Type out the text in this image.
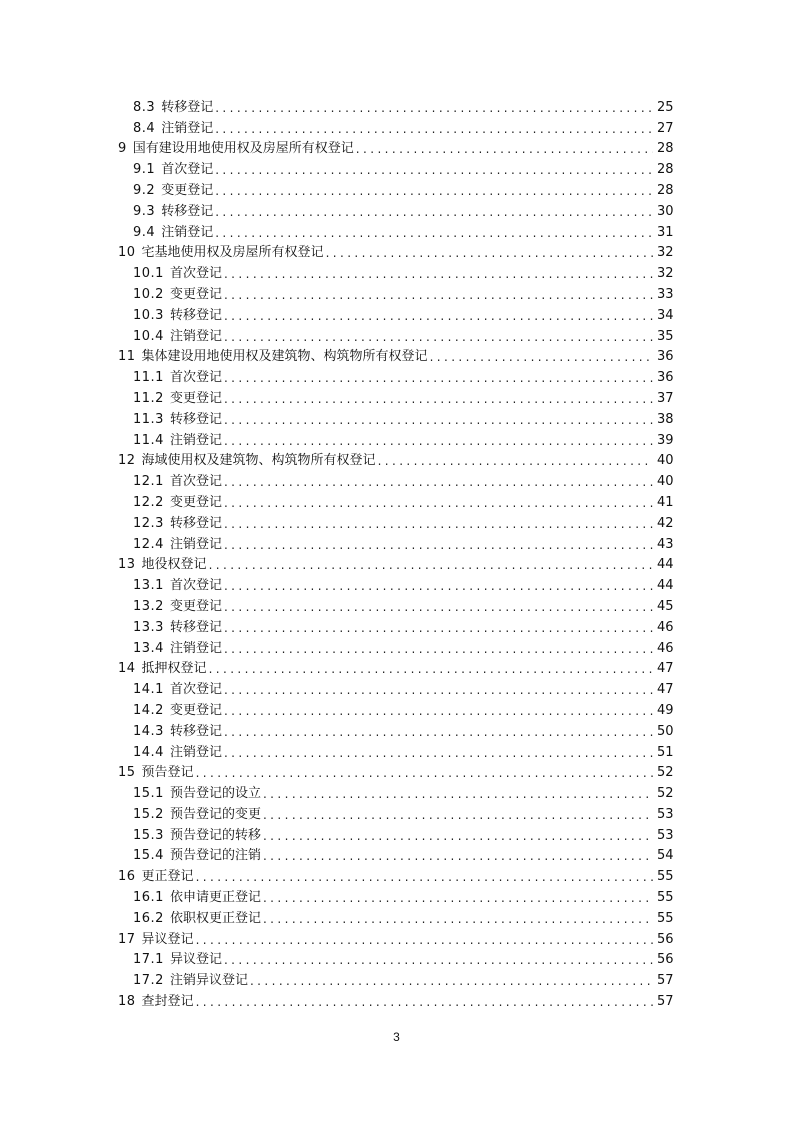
8.3 转移登记 .....	25
8.4 注销登记 .....	27
9 国有建设用地使用权及房屋所有权登记 .....	28
9.1 首次登记 .....	28
9.2 变更登记 .....	28
9.3 转移登记 .....	30
9.4 注销登记 .....	31
10 宅基地使用权及房屋所有权登记 .....	32
10.1 首次登记 .....	32
10.2 变更登记 .....	33
10.3 转移登记 .....	34
10.4 注销登记 .....	35
11 集体建设用地使用权及建筑物、构筑物所有权登记 .....	36
11.1 首次登记 .....	36
11.2 变更登记 .....	37
11.3 转移登记 .....	38
11.4 注销登记 .....	39
12 海域使用权及建筑物、构筑物所有权登记 .....	40
12.1 首次登记 .....	40
12.2 变更登记 .....	41
12.3 转移登记 .....	42
12.4 注销登记 .....	43
13 地役权登记 .....	44
13.1 首次登记 .....	44
13.2 变更登记 .....	45
13.3 转移登记 .....	46
13.4 注销登记 .....	46
14 抵押权登记 .....	47
14.1 首次登记 .....	47
14.2 变更登记 .....	49
14.3 转移登记 .....	50
14.4 注销登记 .....	51
15 预告登记 .....	52
15.1 预告登记的设立 .....	52
15.2 预告登记的变更 .....	53
15.3 预告登记的转移 .....	53
15.4 预告登记的注销 .....	54
16 更正登记 .....	55
16.1 依申请更正登记 .....	55
16.2 依职权更正登记 .....	55
17 异议登记 .....	56
17.1 异议登记 .....	56
17.2 注销异议登记 .....	57
18 查封登记 .....	57
3
